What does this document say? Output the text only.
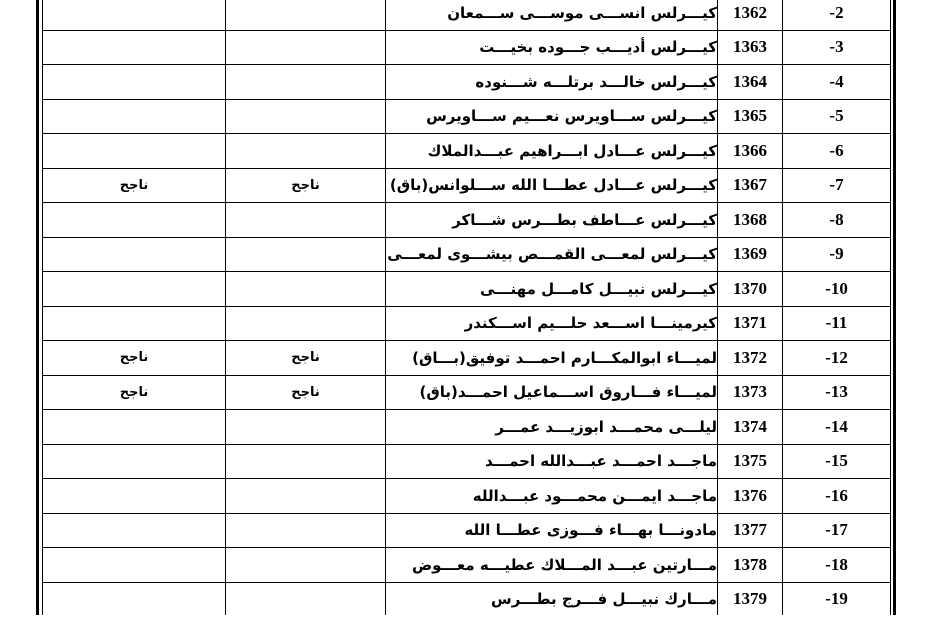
		كيـــرلس انســـى موســـى ســـمعان	1362	-2
		كيـــرلس أديـــب جـــوده بخيـــت	1363	-3
		كيـــرلس خالـــد برتلـــه شـــنوده	1364	-4
		كيـــرلس ســـاويرس نعـــيم ســـاويرس	1365	-5
		كيـــرلس عـــادل ابـــراهيم عبـــدالملاك	1366	-6
ناجح	ناجح	كيـــرلس عـــادل عطـــا الله ســـلوانس(باق)	1367	-7
		كيـــرلس عـــاطف بطـــرس شـــاكر	1368	-8
		كيـــرلس لمعـــى القمـــص بيشـــوى لمعـــى	1369	-9
		كيـــرلس نبيـــل كامـــل مهنـــى	1370	-10
		كيرمينـــا اســـعد حلـــيم اســـكندر	1371	-11
ناجح	ناجح	لميـــاء ابوالمكـــارم احمـــد توفيق(بـــاق)	1372	-12
ناجح	ناجح	لميـــاء فـــاروق اســـماعيل احمـــد(باق)	1373	-13
		ليلـــى محمـــد ابوزيـــد عمـــر	1374	-14
		ماجـــد احمـــد عبـــدالله احمـــد	1375	-15
		ماجـــد ايمـــن محمـــود عبـــدالله	1376	-16
		مادونـــا بهـــاء فـــوزى عطـــا الله	1377	-17
		مـــارتين عبـــد المـــلاك عطيـــه معـــوض	1378	-18
		مـــارك نبيـــل فـــرج بطـــرس	1379	-19
